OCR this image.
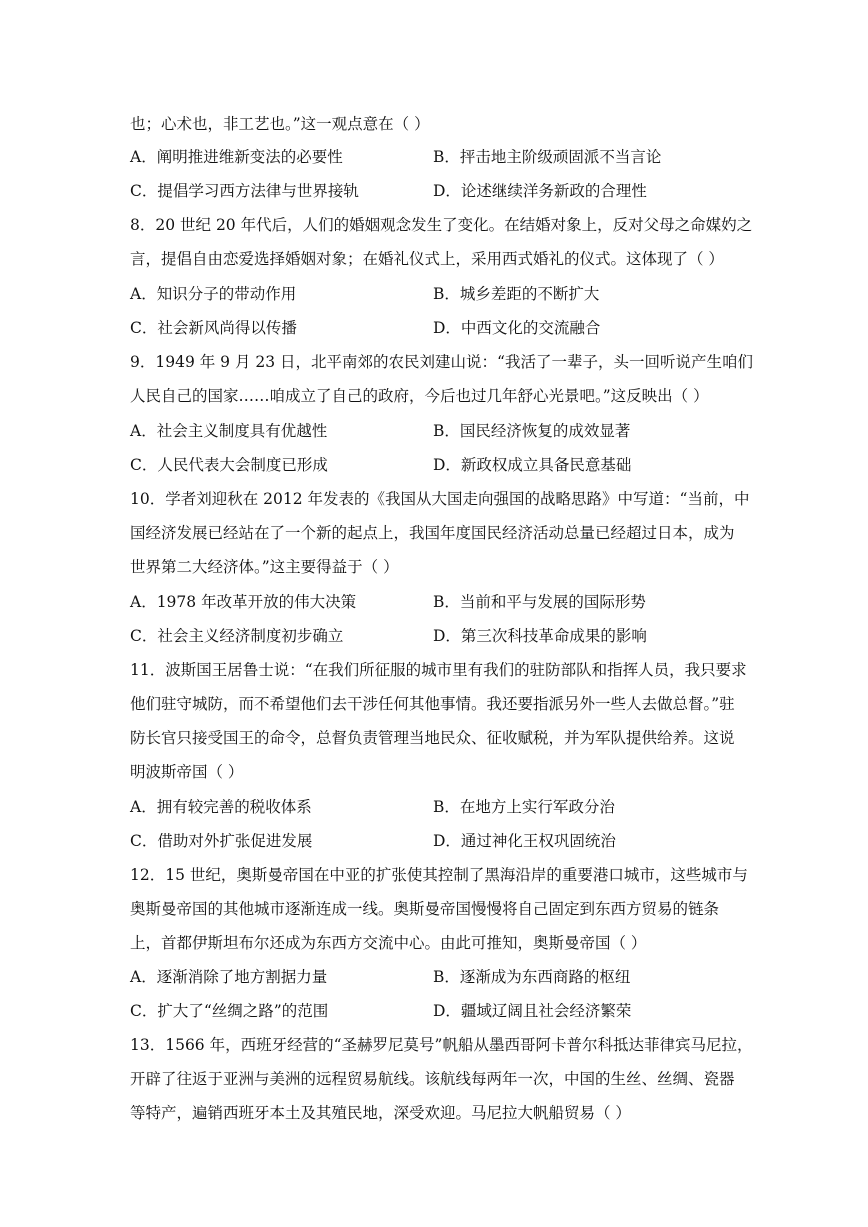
也；心术也，非工艺也。”这一观点意在（ ）
A．阐明推进维新变法的必要性	B．抨击地主阶级顽固派不当言论
C．提倡学习西方法律与世界接轨	D．论述继续洋务新政的合理性
8．20 世纪 20 年代后，人们的婚姻观念发生了变化。在结婚对象上，反对父母之命媒妁之
言，提倡自由恋爱选择婚姻对象；在婚礼仪式上，采用西式婚礼的仪式。这体现了（ ）
A．知识分子的带动作用	B．城乡差距的不断扩大
C．社会新风尚得以传播	D．中西文化的交流融合
9．1949 年 9 月 23 日，北平南郊的农民刘建山说：“我活了一辈子，头一回听说产生咱们
人民自己的国家……咱成立了自己的政府，今后也过几年舒心光景吧。”这反映出（ ）
A．社会主义制度具有优越性	B．国民经济恢复的成效显著
C．人民代表大会制度已形成	D．新政权成立具备民意基础
10．学者刘迎秋在 2012 年发表的《我国从大国走向强国的战略思路》中写道：“当前，中
国经济发展已经站在了一个新的起点上，我国年度国民经济活动总量已经超过日本，成为
世界第二大经济体。”这主要得益于（ ）
A．1978 年改革开放的伟大决策	B．当前和平与发展的国际形势
C．社会主义经济制度初步确立	D．第三次科技革命成果的影响
11．波斯国王居鲁士说：“在我们所征服的城市里有我们的驻防部队和指挥人员，我只要求
他们驻守城防，而不希望他们去干涉任何其他事情。我还要指派另外一些人去做总督。”驻
防长官只接受国王的命令，总督负责管理当地民众、征收赋税，并为军队提供给养。这说
明波斯帝国（ ）
A．拥有较完善的税收体系	B．在地方上实行军政分治
C．借助对外扩张促进发展	D．通过神化王权巩固统治
12．15 世纪，奥斯曼帝国在中亚的扩张使其控制了黑海沿岸的重要港口城市，这些城市与
奥斯曼帝国的其他城市逐渐连成一线。奥斯曼帝国慢慢将自己固定到东西方贸易的链条
上，首都伊斯坦布尔还成为东西方交流中心。由此可推知，奥斯曼帝国（ ）
A．逐渐消除了地方割据力量	B．逐渐成为东西商路的枢纽
C．扩大了“丝绸之路”的范围	D．疆域辽阔且社会经济繁荣
13．1566 年，西班牙经营的“圣赫罗尼莫号”帆船从墨西哥阿卡普尔科抵达菲律宾马尼拉，
开辟了往返于亚洲与美洲的远程贸易航线。该航线每两年一次，中国的生丝、丝绸、瓷器
等特产，遍销西班牙本土及其殖民地，深受欢迎。马尼拉大帆船贸易（ ）
